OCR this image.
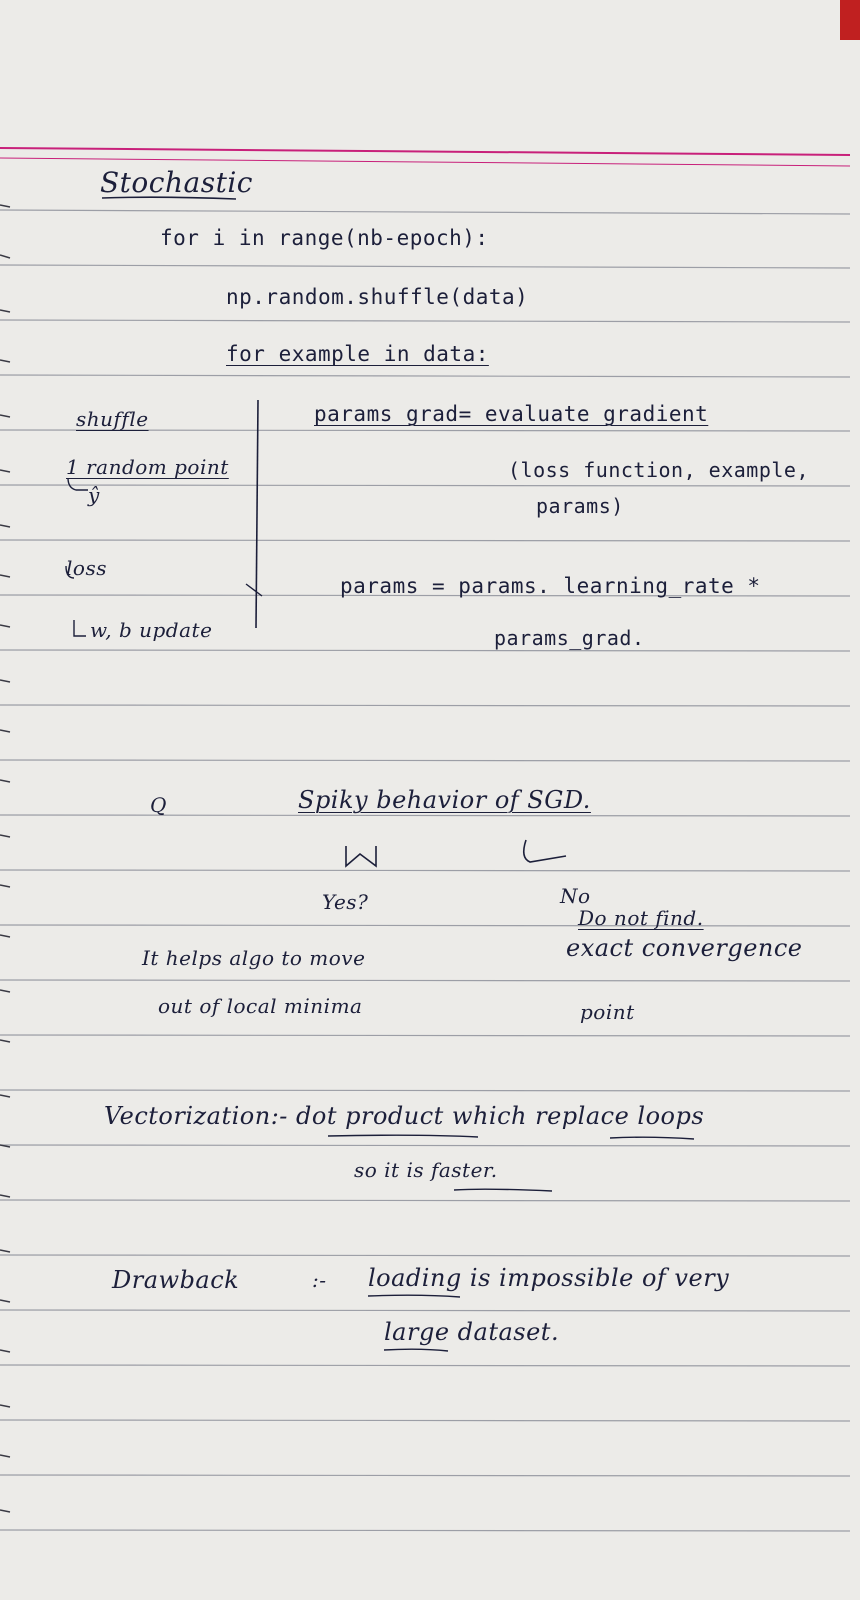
Stochastic
for i in range(nb-epoch):
np.random.shuffle(data)
for example in data:
shuffle
1 random point
ŷ
loss
w, b update
params_grad= evaluate_gradient
(loss function, example,
params)
params = params. learning_rate *
params_grad.
Q	Spiky behavior of SGD.
Yes?	No
Do not find.
exact convergence
point
It helps algo to move
out of local minima
Vectorization:- dot product which replace loops
so it is faster.
Drawback	:- loading is impossible of very
large dataset.
